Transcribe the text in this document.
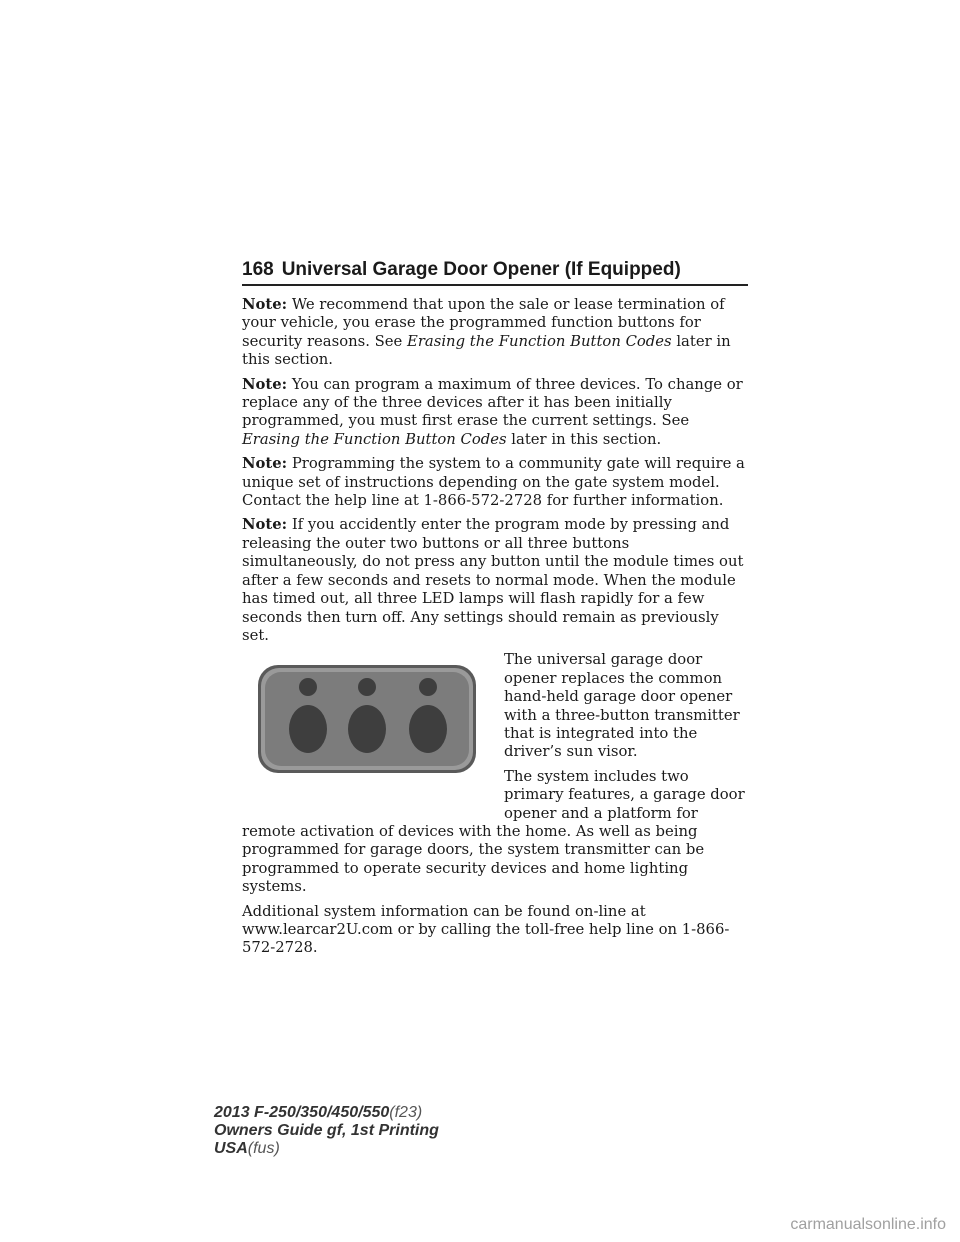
168 Universal Garage Door Opener (If Equipped)

Note: We recommend that upon the sale or lease termination of your vehicle, you erase the programmed function buttons for security reasons. See Erasing the Function Button Codes later in this section.

Note: You can program a maximum of three devices. To change or replace any of the three devices after it has been initially programmed, you must first erase the current settings. See Erasing the Function Button Codes later in this section.

Note: Programming the system to a community gate will require a unique set of instructions depending on the gate system model. Contact the help line at 1-866-572-2728 for further information.

Note: If you accidently enter the program mode by pressing and releasing the outer two buttons or all three buttons simultaneously, do not press any button until the module times out after a few seconds and resets to normal mode. When the module has timed out, all three LED lamps will flash rapidly for a few seconds then turn off. Any settings should remain as previously set.

The universal garage door opener replaces the common hand-held garage door opener with a three-button transmitter that is integrated into the driver’s sun visor.

The system includes two primary features, a garage door opener and a platform for remote activation of devices with the home. As well as being programmed for garage doors, the system transmitter can be programmed to operate security devices and home lighting systems.

Additional system information can be found on-line at www.learcar2U.com or by calling the toll-free help line on 1-866-572-2728.

2013 F-250/350/450/550(f23)
Owners Guide gf, 1st Printing
USA(fus)
carmanualsonline.info
